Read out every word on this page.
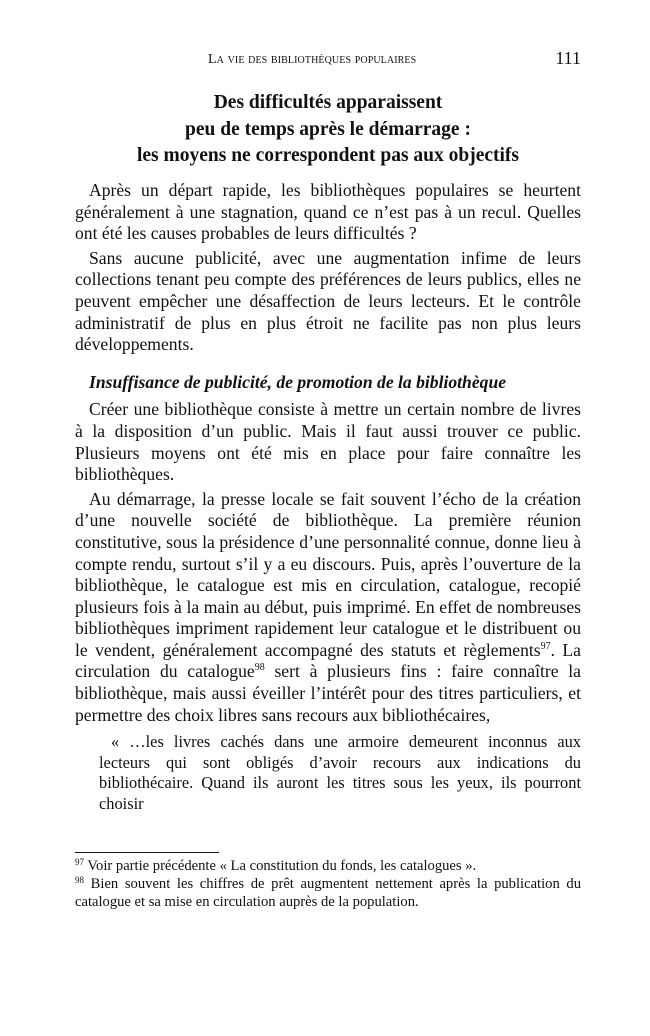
La vie des bibliothèques populaires	111
Des difficultés apparaissent
peu de temps après le démarrage :
les moyens ne correspondent pas aux objectifs

Après un départ rapide, les bibliothèques populaires se heurtent généralement à une stagnation, quand ce n’est pas à un recul. Quelles ont été les causes probables de leurs difficultés ?

Sans aucune publicité, avec une augmentation infime de leurs collections tenant peu compte des préférences de leurs publics, elles ne peuvent empêcher une désaffection de leurs lecteurs. Et le contrôle administratif de plus en plus étroit ne facilite pas non plus leurs développements.

Insuffisance de publicité, de promotion de la bibliothèque

Créer une bibliothèque consiste à mettre un certain nombre de livres à la disposition d’un public. Mais il faut aussi trouver ce public. Plusieurs moyens ont été mis en place pour faire connaître les bibliothèques.

Au démarrage, la presse locale se fait souvent l’écho de la création d’une nouvelle société de bibliothèque. La première réunion constitutive, sous la présidence d’une personnalité connue, donne lieu à compte rendu, surtout s’il y a eu discours. Puis, après l’ouverture de la bibliothèque, le catalogue est mis en circulation, catalogue, recopié plusieurs fois à la main au début, puis imprimé. En effet de nombreuses bibliothèques impriment rapidement leur catalogue et le distribuent ou le vendent, généralement accompagné des statuts et règlements$^{97}$. La circulation du catalogue$^{98}$ sert à plusieurs fins : faire connaître la bibliothèque, mais aussi éveiller l’intérêt pour des titres particuliers, et permettre des choix libres sans recours aux bibliothécaires,

« …les livres cachés dans une armoire demeurent inconnus aux lecteurs qui sont obligés d’avoir recours aux indications du bibliothécaire. Quand ils auront les titres sous les yeux, ils pourront choisir

$^{97}$ Voir partie précédente « La constitution du fonds, les catalogues ».

$^{98}$ Bien souvent les chiffres de prêt augmentent nettement après la publication du catalogue et sa mise en circulation auprès de la population.
